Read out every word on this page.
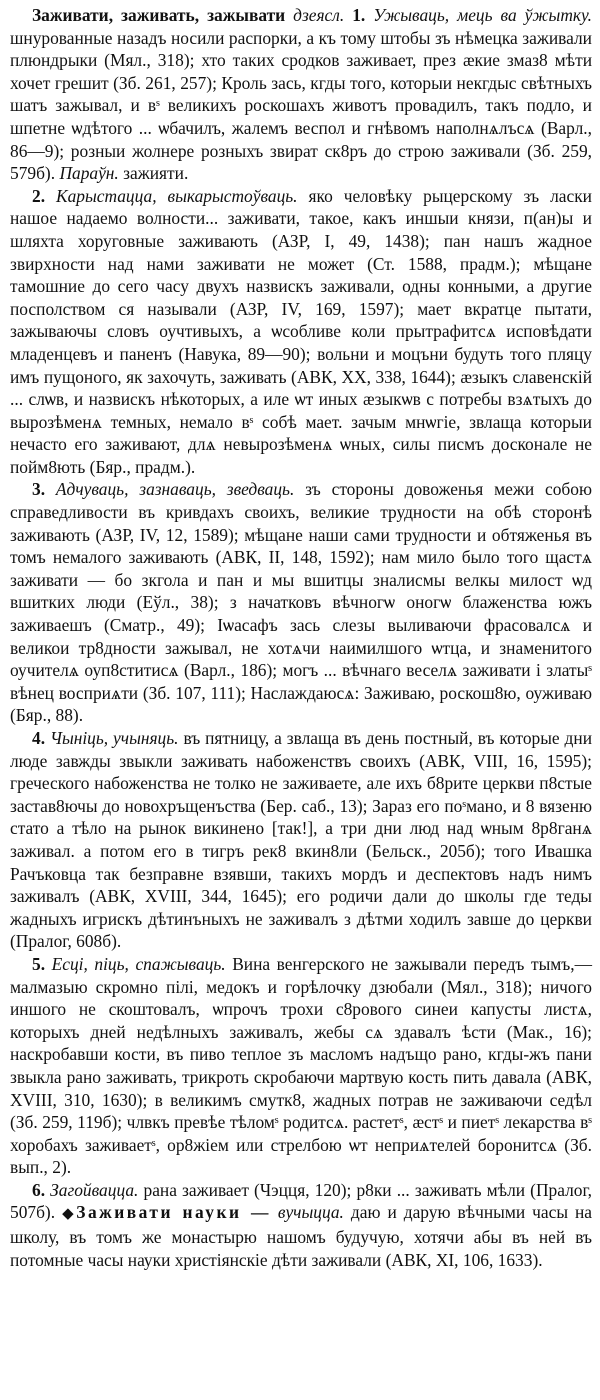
Заживати, заживать, зажывати дзеясл. 1. Ужываць, мець ва ўжытку. шнурованные назадъ носили распорки, а къ тому штобы зъ нѣмецка заживали плюндрыки (Мял., 318); хто таких сродков заживает, през ӕкие змаз8 мѣти хочет грешит (Зб. 261, 257); Кроль зась, кгды того, которыи некгдыс свѣтныхъ шатъ зажывал, и вˢ великихъ роскошахъ животъ провадилъ, такъ подло, и шпетне ѡдѣтого ... ѡбачилъ, жалемъ веспол и гнѣвомъ наполнѧлъсѧ (Варл., 86—9); розныи жолнере розныхъ звират ск8ръ до строю заживали (Зб. 259, 579б). Параўн. зажияти.

2. Карыстацца, выкарыстоўваць. яко человѣку рыцерскому зъ ласки нашое надаемо волности... заживати, такое, какъ иншыи князи, п(ан)ы и шляхта хоруговные заживають (АЗР, I, 49, 1438); пан нашъ жадное звирхности над нами заживати не может (Ст. 1588, прадм.); мѣщане тамошние до сего часу двухъ назвискъ заживали, одны конными, а другие посполством ся называли (АЗР, IV, 169, 1597); мает вкратце пытати, зажываючы словъ оучтивыхъ, а ѡсобливе коли прытрафитсѧ исповѣдати младенцевъ и паненъ (Навука, 89—90); вольни и моцъни будуть того пляцу имъ пущоного, як захочуть, заживать (АВК, XX, 338, 1644); ӕзыкъ славенскій ... слѡв, и назвискъ нѣкоторых, а иле ѡт иных ӕзыкѡв с потребы взѧтыхъ до вырозѣменѧ темных, немало вˢ собѣ мает. зачым мнѡгіе, звлаща которыи нечасто его заживают, длѧ невырозѣменѧ ѡных, силы писмъ досконале не пойм8ють (Бяр., прадм.).

3. Адчуваць, зазнаваць, зведваць. зъ стороны довоженья межи собою справедливости въ кривдахъ своихъ, великие трудности на обѣ сторонѣ заживають (АЗР, IV, 12, 1589); мѣщане наши сами трудности и обтяженья въ томъ немалого заживають (АВК, II, 148, 1592); нам мило было того щастѧ заживати — бо зкгола и пан и мы вшитцы зналисмы велкы милост ѡд вшитких люди (Еўл., 38); з начатковъ вѣчногѡ оногѡ блаженства южъ заживаешъ (Сматр., 49); Іѡасафъ зась слезы выливаючи фрасовалсѧ и великои тр8дности зажывал, не хотѧчи наимилшого ѡтца, и знаменитого оучителѧ оуп8ститисѧ (Варл., 186); могъ ... вѣчнаго веселѧ заживати і златыˢ вѣнец восприѧти (Зб. 107, 111); Наслаждаюсѧ: Заживаю, роскош8ю, оуживаю (Бяр., 88).

4. Чыніць, учыняць. въ пятницу, а звлаща въ день постный, въ которые дни люде завжды звыкли заживать набоженствъ своихъ (АВК, VIII, 16, 1595); греческого набоженства не толко не заживаете, але ихъ б8рите церкви п8стые застав8ючы до новохръщенъства (Бер. саб., 13); Зараз его поˢмано, и 8 вязеню стато а тѣло на рынок викинено [так!], а три дни люд над ѡным 8р8ганѧ заживал. а потом его в тигръ рек8 вкин8ли (Бельск., 205б); того Ивашка Рачъковца так безправне взявши, такихъ мордъ и деспектовъ надъ нимъ заживалъ (АВК, XVIII, 344, 1645); его родичи дали до школы где теды жадныхъ игрискъ дѣтинъныхъ не заживалъ з дѣтми ходилъ завше до церкви (Пралог, 608б).

5. Есці, піць, спажываць. Вина венгерского не зажывали передъ тымъ,— малмазыю скромно пілі, медокъ и горѣлочку дзюбали (Мял., 318); ничого иншого не скоштовалъ, ѡпрочъ трохи с8рового синеи капусты листѧ, которыхъ дней недѣлныхъ заживалъ, жебы сѧ здавалъ ѣсти (Мак., 16); наскробавши кости, въ пиво теплое зъ масломъ надъщо рано, кгды-жъ пани звыкла рано заживать, трикроть скробаючи мартвую кость пить давала (АВК, XVIII, 310, 1630); в великимъ смутк8, жадных потрав не заживаючи седѣл (Зб. 259, 119б); члвкъ превѣе тѣломˢ родитсѧ. растетˢ, ӕстˢ и пиетˢ лекарства вˢ хоробахъ заживаетˢ, ор8жіем или стрелбою ѡт неприѧтелей боронитсѧ (Зб. вып., 2).

6. Загойвацца. рана заживает (Чэцця, 120); р8ки ... заживать мѣли (Пралог, 507б). ◆Заживати науки — вучыцца. даю и дарую вѣчными часы на школу, въ томъ же монастырю нашомъ будучую, хотячи абы въ ней въ потомные часы науки христіянскіе дѣти заживали (АВК, XI, 106, 1633).
